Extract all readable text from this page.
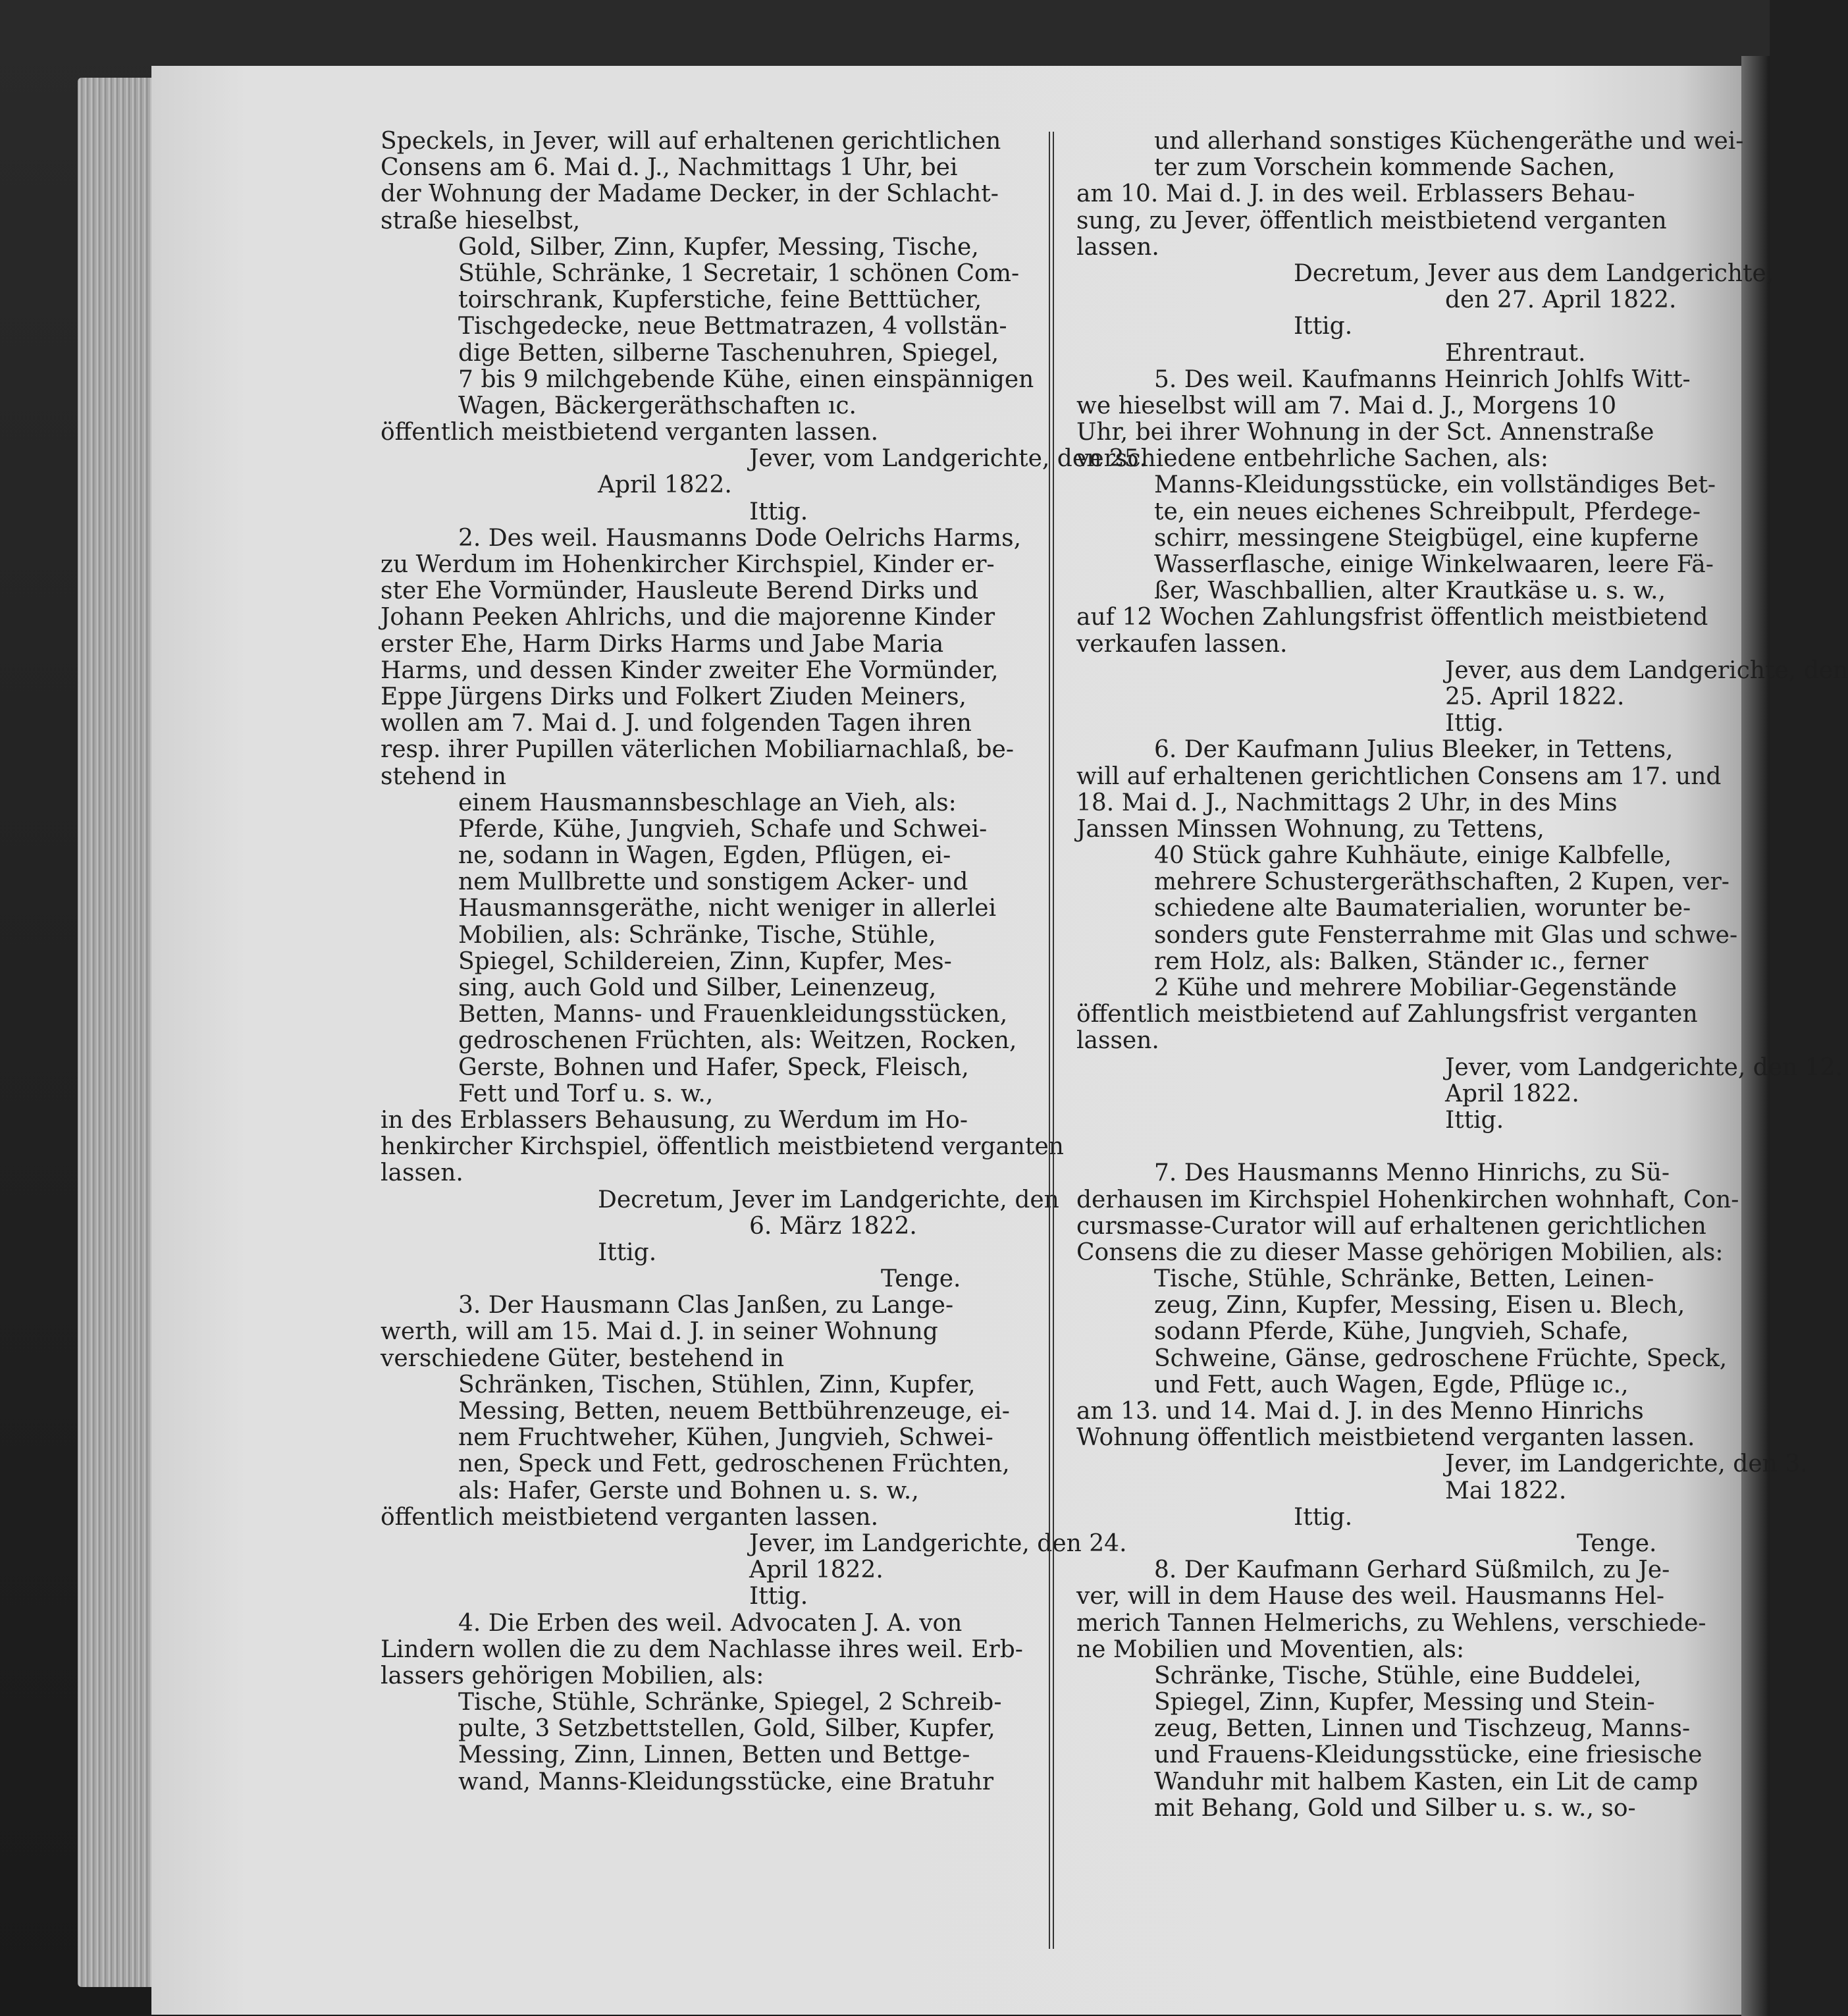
Speckels, in Jever, will auf erhaltenen gerichtlichen
Consens am 6. Mai d. J., Nachmittags 1 Uhr, bei
der Wohnung der Madame Decker, in der Schlacht-
straße hieselbst,
Gold, Silber, Zinn, Kupfer, Messing, Tische,
Stühle, Schränke, 1 Secretair, 1 schönen Com-
toirschrank, Kupferstiche, feine Betttücher,
Tischgedecke, neue Bettmatrazen, 4 vollstän-
dige Betten, silberne Taschenuhren, Spiegel,
7 bis 9 milchgebende Kühe, einen einspännigen
Wagen, Bäckergeräthschaften ıc.
öffentlich meistbietend verganten lassen.
Jever, vom Landgerichte, den 25.
April 1822.
Ittig.
2. Des weil. Hausmanns Dode Oelrichs Harms,
zu Werdum im Hohenkircher Kirchspiel, Kinder er-
ster Ehe Vormünder, Hausleute Berend Dirks und
Johann Peeken Ahlrichs, und die majorenne Kinder
erster Ehe, Harm Dirks Harms und Jabe Maria
Harms, und dessen Kinder zweiter Ehe Vormünder,
Eppe Jürgens Dirks und Folkert Ziuden Meiners,
wollen am 7. Mai d. J. und folgenden Tagen ihren
resp. ihrer Pupillen väterlichen Mobiliarnachlaß, be-
stehend in
einem Hausmannsbeschlage an Vieh, als:
Pferde, Kühe, Jungvieh, Schafe und Schwei-
ne, sodann in Wagen, Egden, Pflügen, ei-
nem Mullbrette und sonstigem Acker- und
Hausmannsgeräthe, nicht weniger in allerlei
Mobilien, als: Schränke, Tische, Stühle,
Spiegel, Schildereien, Zinn, Kupfer, Mes-
sing, auch Gold und Silber, Leinenzeug,
Betten, Manns- und Frauenkleidungsstücken,
gedroschenen Früchten, als: Weitzen, Rocken,
Gerste, Bohnen und Hafer, Speck, Fleisch,
Fett und Torf u. s. w.,
in des Erblassers Behausung, zu Werdum im Ho-
henkircher Kirchspiel, öffentlich meistbietend verganten
lassen.
Decretum, Jever im Landgerichte, den
6. März 1822.
Ittig.
Tenge.
3. Der Hausmann Clas Janßen, zu Lange-
werth, will am 15. Mai d. J. in seiner Wohnung
verschiedene Güter, bestehend in
Schränken, Tischen, Stühlen, Zinn, Kupfer,
Messing, Betten, neuem Bettbührenzeuge, ei-
nem Fruchtweher, Kühen, Jungvieh, Schwei-
nen, Speck und Fett, gedroschenen Früchten,
als: Hafer, Gerste und Bohnen u. s. w.,
öffentlich meistbietend verganten lassen.
Jever, im Landgerichte, den 24.
April 1822.
Ittig.
4. Die Erben des weil. Advocaten J. A. von
Lindern wollen die zu dem Nachlasse ihres weil. Erb-
lassers gehörigen Mobilien, als:
Tische, Stühle, Schränke, Spiegel, 2 Schreib-
pulte, 3 Setzbettstellen, Gold, Silber, Kupfer,
Messing, Zinn, Linnen, Betten und Bettge-
wand, Manns-Kleidungsstücke, eine Bratuhr
und allerhand sonstiges Küchengeräthe und wei-
ter zum Vorschein kommende Sachen,
am 10. Mai d. J. in des weil. Erblassers Behau-
sung, zu Jever, öffentlich meistbietend verganten
lassen.
Decretum, Jever aus dem Landgerichte,
den 27. April 1822.
Ittig.
Ehrentraut.
5. Des weil. Kaufmanns Heinrich Johlfs Witt-
we hieselbst will am 7. Mai d. J., Morgens 10
Uhr, bei ihrer Wohnung in der Sct. Annenstraße
verschiedene entbehrliche Sachen, als:
Manns-Kleidungsstücke, ein vollständiges Bet-
te, ein neues eichenes Schreibpult, Pferdege-
schirr, messingene Steigbügel, eine kupferne
Wasserflasche, einige Winkelwaaren, leere Fä-
ßer, Waschballien, alter Krautkäse u. s. w.,
auf 12 Wochen Zahlungsfrist öffentlich meistbietend
verkaufen lassen.
Jever, aus dem Landgerichte, den
25. April 1822.
Ittig.
6. Der Kaufmann Julius Bleeker, in Tettens,
will auf erhaltenen gerichtlichen Consens am 17. und
18. Mai d. J., Nachmittags 2 Uhr, in des Mins
Janssen Minssen Wohnung, zu Tettens,
40 Stück gahre Kuhhäute, einige Kalbfelle,
mehrere Schustergeräthschaften, 2 Kupen, ver-
schiedene alte Baumaterialien, worunter be-
sonders gute Fensterrahme mit Glas und schwe-
rem Holz, als: Balken, Ständer ıc., ferner
2 Kühe und mehrere Mobiliar-Gegenstände
öffentlich meistbietend auf Zahlungsfrist verganten
lassen.
Jever, vom Landgerichte, den 12.
April 1822.
Ittig.
7. Des Hausmanns Menno Hinrichs, zu Sü-
derhausen im Kirchspiel Hohenkirchen wohnhaft, Con-
cursmasse-Curator will auf erhaltenen gerichtlichen
Consens die zu dieser Masse gehörigen Mobilien, als:
Tische, Stühle, Schränke, Betten, Leinen-
zeug, Zinn, Kupfer, Messing, Eisen u. Blech,
sodann Pferde, Kühe, Jungvieh, Schafe,
Schweine, Gänse, gedroschene Früchte, Speck,
und Fett, auch Wagen, Egde, Pflüge ıc.,
am 13. und 14. Mai d. J. in des Menno Hinrichs
Wohnung öffentlich meistbietend verganten lassen.
Jever, im Landgerichte, den 3.
Mai 1822.
Ittig.
Tenge.
8. Der Kaufmann Gerhard Süßmilch, zu Je-
ver, will in dem Hause des weil. Hausmanns Hel-
merich Tannen Helmerichs, zu Wehlens, verschiede-
ne Mobilien und Moventien, als:
Schränke, Tische, Stühle, eine Buddelei,
Spiegel, Zinn, Kupfer, Messing und Stein-
zeug, Betten, Linnen und Tischzeug, Manns-
und Frauens-Kleidungsstücke, eine friesische
Wanduhr mit halbem Kasten, ein Lit de camp
mit Behang, Gold und Silber u. s. w., so-
